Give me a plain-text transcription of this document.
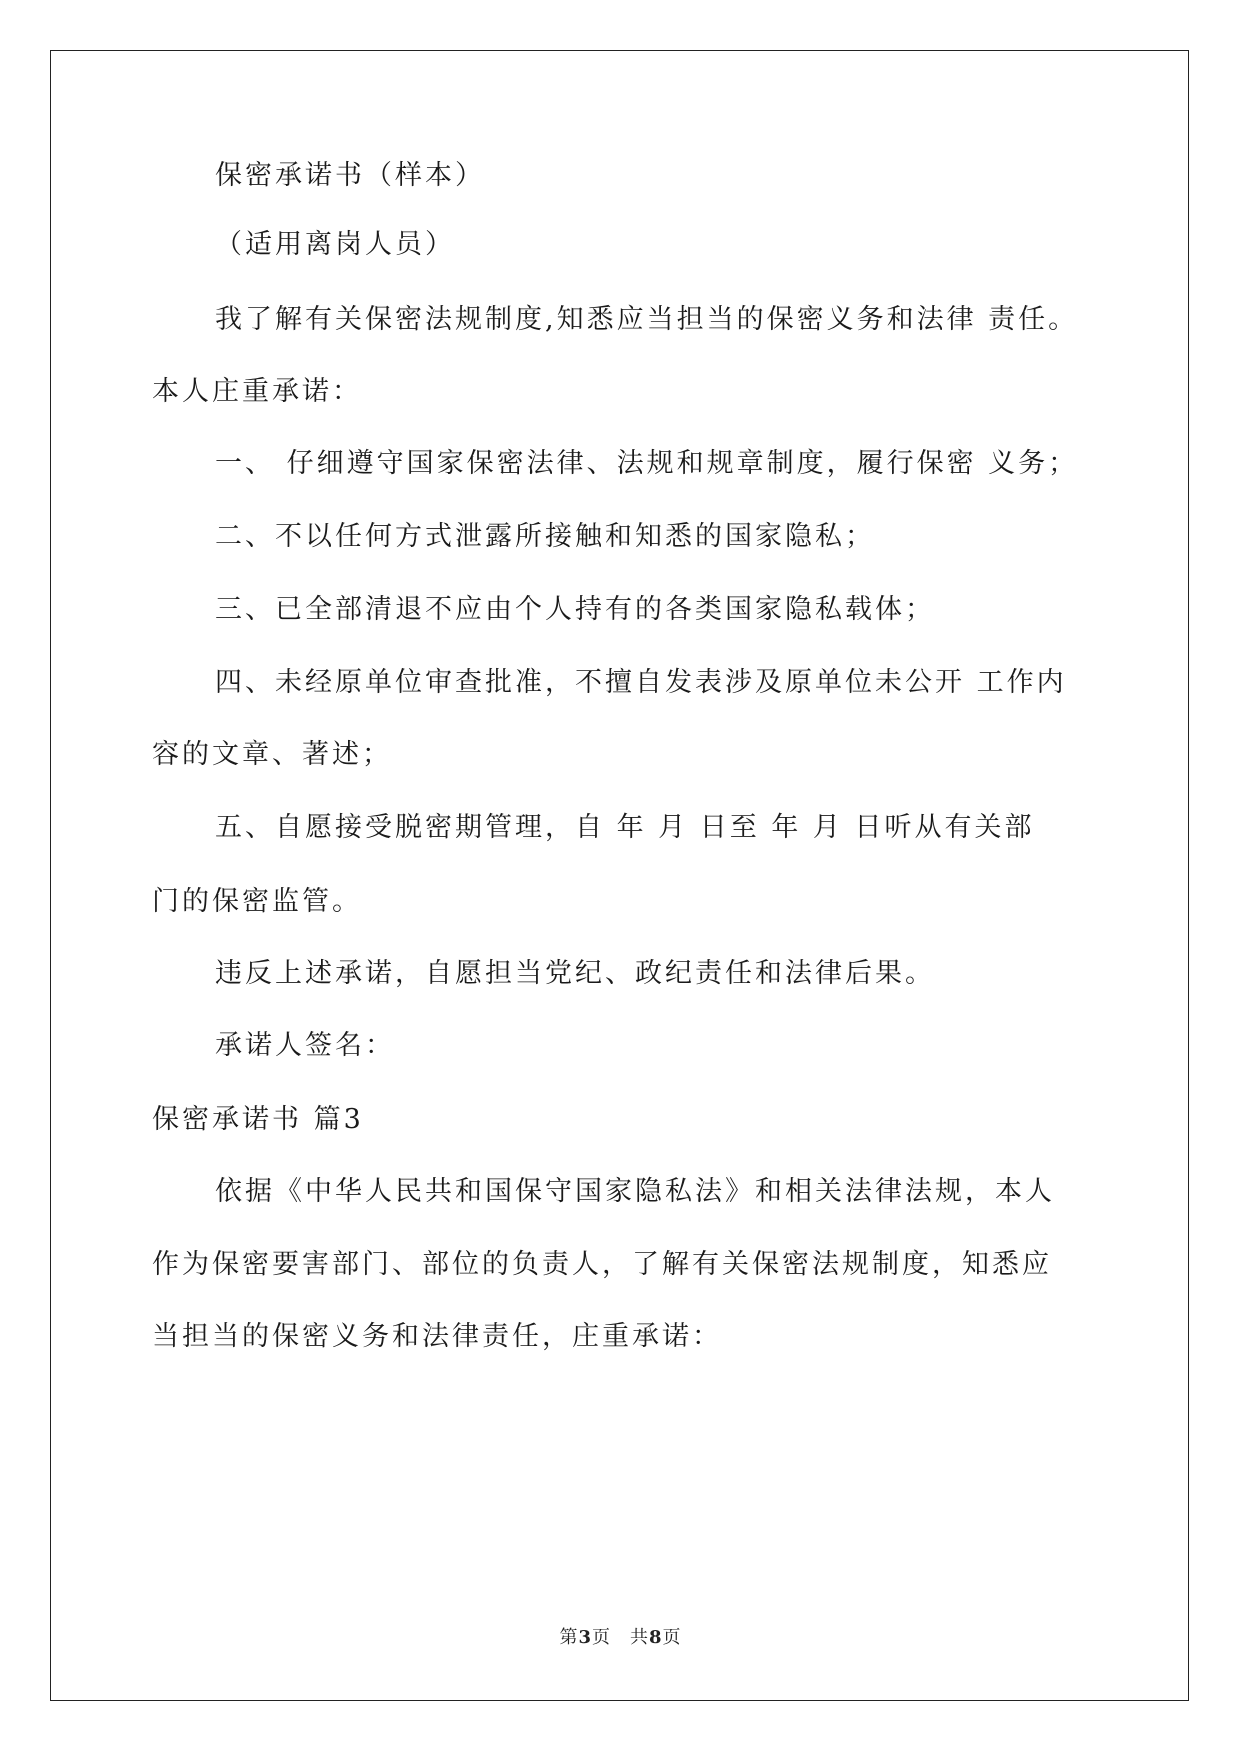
保密承诺书（样本）
（适用离岗人员）
我了解有关保密法规制度,知悉应当担当的保密义务和法律 责任。
本人庄重承诺：
一、 仔细遵守国家保密法律、法规和规章制度，履行保密 义务；
二、不以任何方式泄露所接触和知悉的国家隐私；
三、已全部清退不应由个人持有的各类国家隐私载体；
四、未经原单位审查批准，不擅自发表涉及原单位未公开 工作内
容的文章、著述；
五、自愿接受脱密期管理，自 年 月 日至 年 月 日听从有关部
门的保密监管。
违反上述承诺，自愿担当党纪、政纪责任和法律后果。
承诺人签名：
保密承诺书 篇3
依据《中华人民共和国保守国家隐私法》和相关法律法规，本人
作为保密要害部门、部位的负责人，了解有关保密法规制度，知悉应
当担当的保密义务和法律责任，庄重承诺：
第3页　共8页
